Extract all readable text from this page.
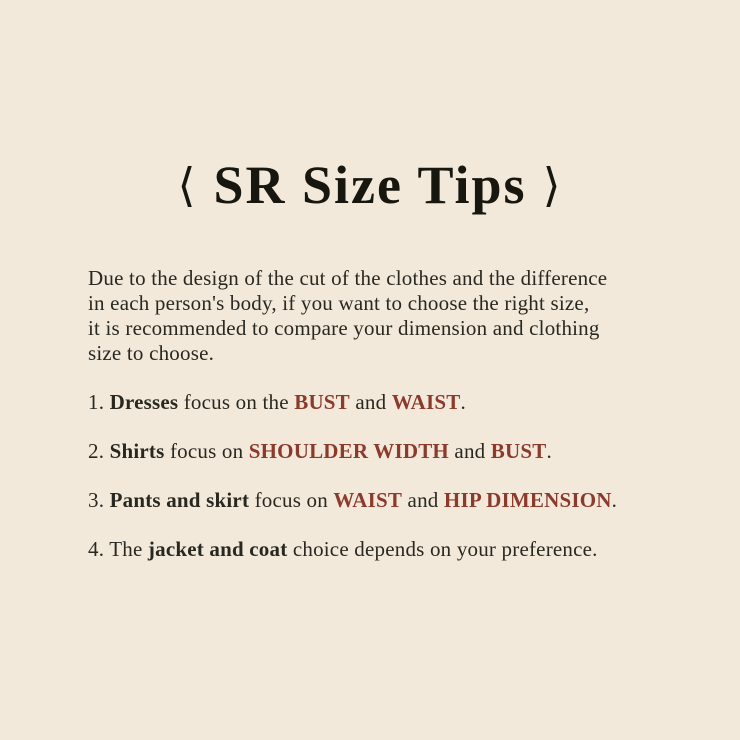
⟨ SR Size Tips ⟩

Due to the design of the cut of the clothes and the difference
in each person's body, if you want to choose the right size,
it is recommended to compare your dimension and clothing
size to choose.

1. Dresses focus on the BUST and WAIST.

2. Shirts focus on SHOULDER WIDTH and BUST.

3. Pants and skirt focus on WAIST and HIP DIMENSION.

4. The jacket and coat choice depends on your preference.
